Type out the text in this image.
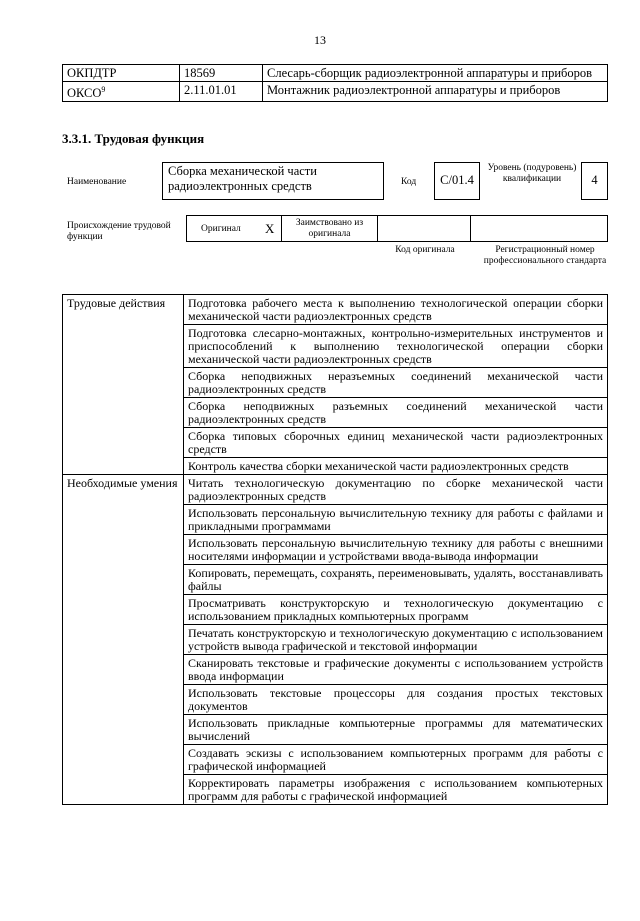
13
ОКПДТР	18569	Слесарь-сборщик радиоэлектронной аппаратуры и приборов
ОКСО$^9$	2.11.01.01	Монтажник радиоэлектронной аппаратуры и приборов
3.3.1. Трудовая функция
Наименование
Сборка механической части радиоэлектронных средств	Код	C/01.4
Уровень (подуровень) квалификации	4
Происхождение трудовой функции
Оригинал X	Заимствовано из оригинала
Код оригинала	Регистрационный номер профессионального стандарта
Трудовые действия	Подготовка рабочего места к выполнению технологической операции сборки механической части радиоэлектронных средств
	Подготовка слесарно-монтажных, контрольно-измерительных инструментов и приспособлений к выполнению технологической операции сборки механической части радиоэлектронных средств
	Сборка неподвижных неразъемных соединений механической части радиоэлектронных средств
	Сборка неподвижных разъемных соединений механической части радиоэлектронных средств
	Сборка типовых сборочных единиц механической части радиоэлектронных средств
	Контроль качества сборки механической части радиоэлектронных средств
Необходимые умения	Читать технологическую документацию по сборке механической части радиоэлектронных средств
	Использовать персональную вычислительную технику для работы с файлами и прикладными программами
	Использовать персональную вычислительную технику для работы с внешними носителями информации и устройствами ввода-вывода информации
	Копировать, перемещать, сохранять, переименовывать, удалять, восстанавливать файлы
	Просматривать конструкторскую и технологическую документацию с использованием прикладных компьютерных программ
	Печатать конструкторскую и технологическую документацию с использованием устройств вывода графической и текстовой информации
	Сканировать текстовые и графические документы с использованием устройств ввода информации
	Использовать текстовые процессоры для создания простых текстовых документов
	Использовать прикладные компьютерные программы для математических вычислений
	Создавать эскизы с использованием компьютерных программ для работы с графической информацией
	Корректировать параметры изображения с использованием компьютерных программ для работы с графической информацией
